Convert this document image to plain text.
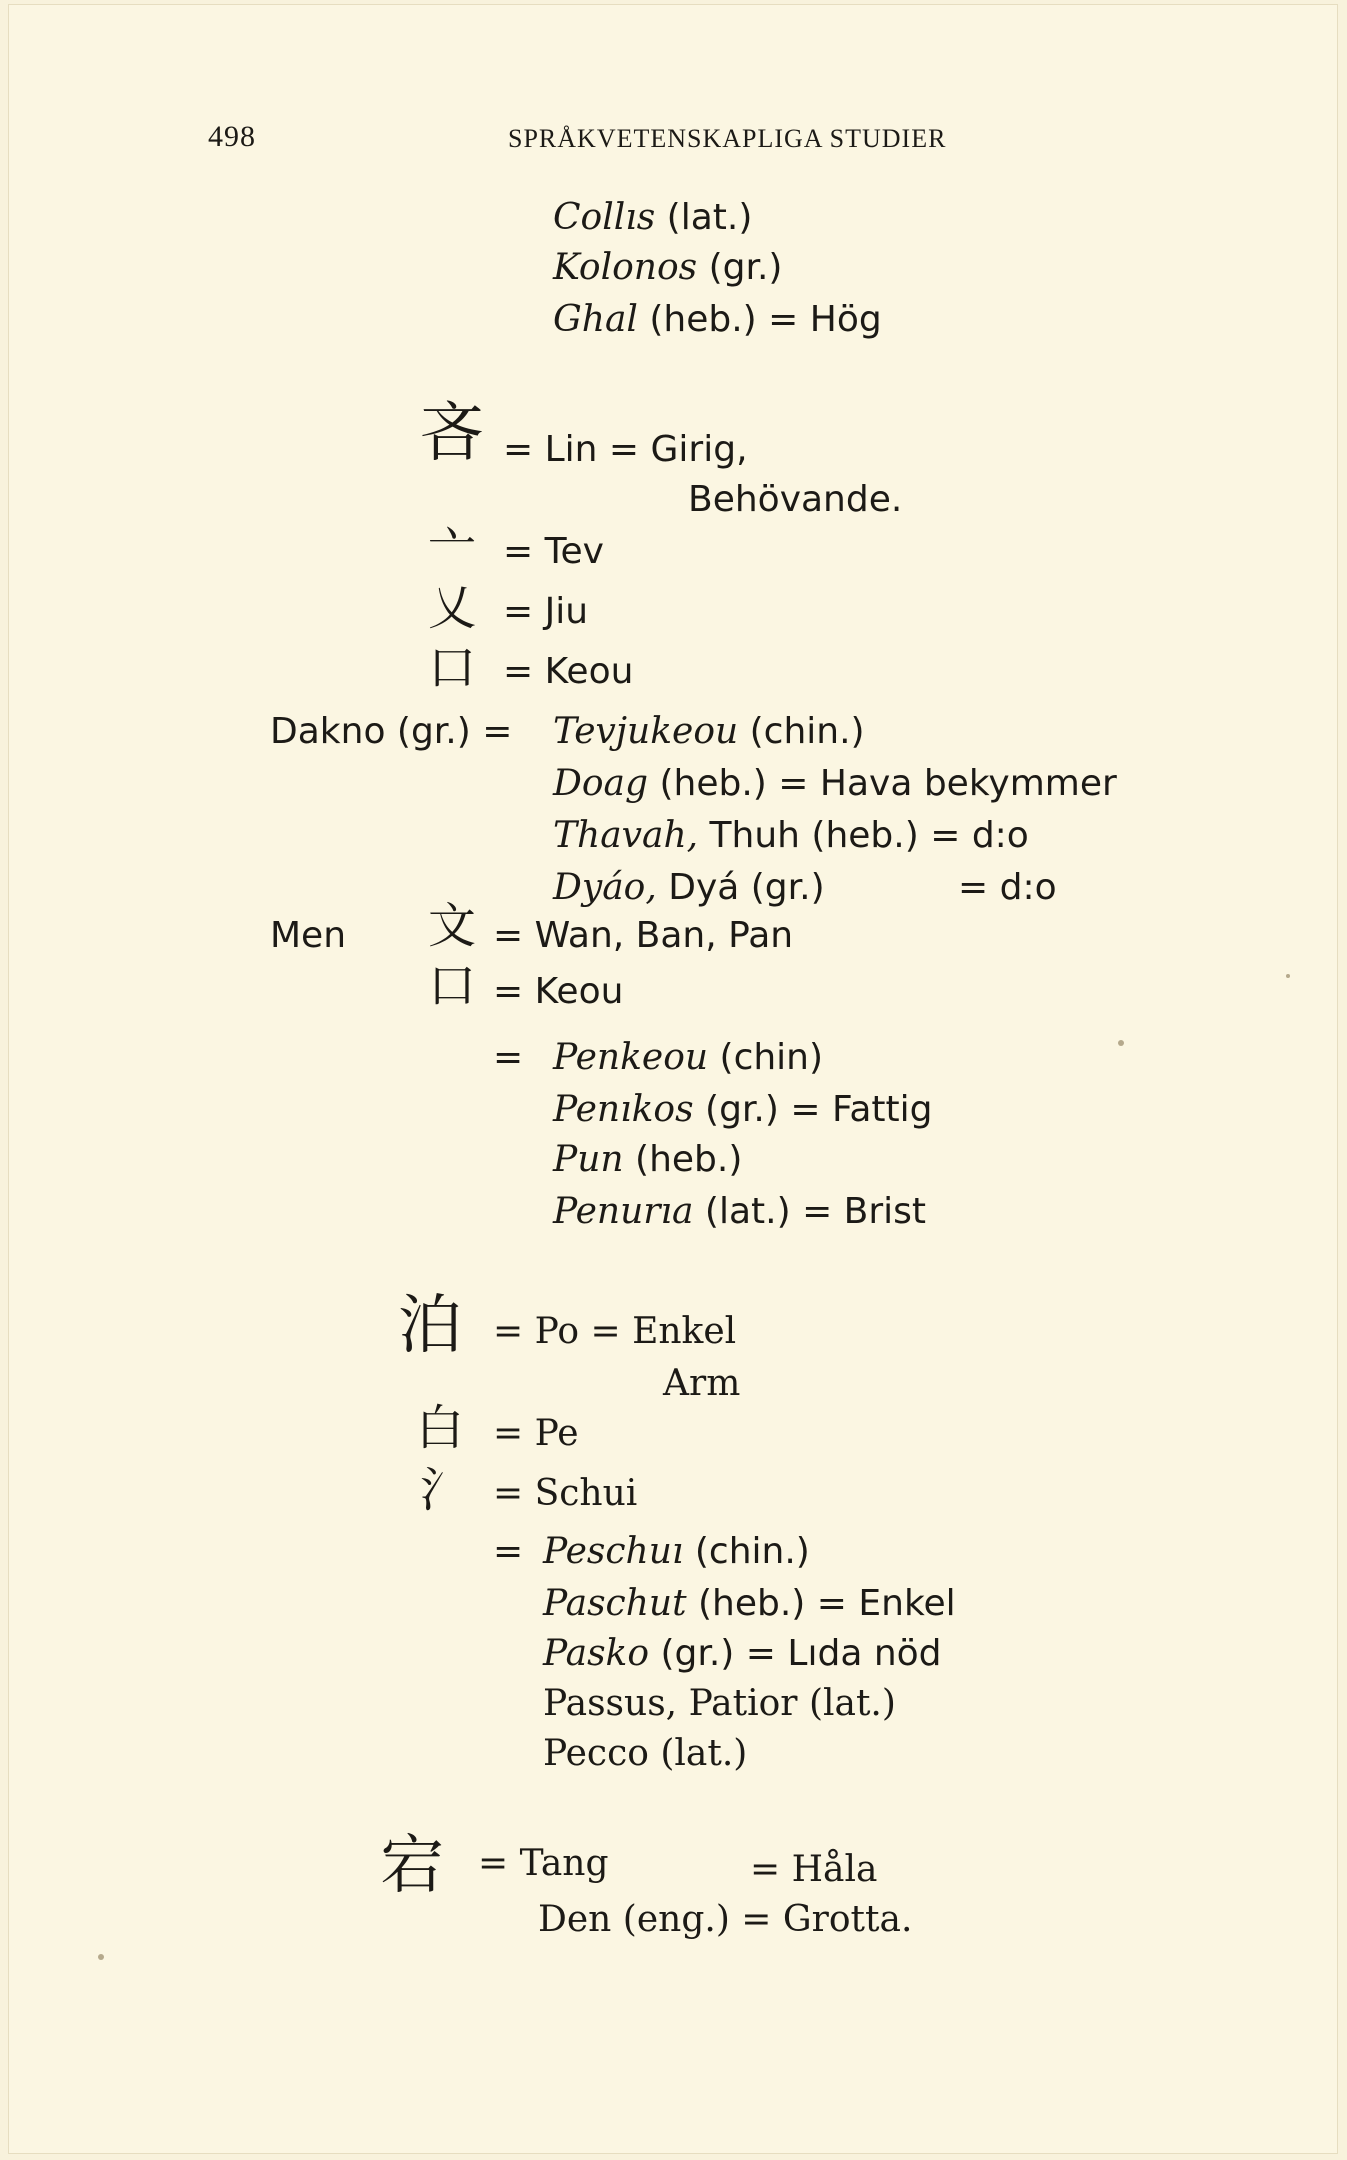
498	SPRÅKVETENSKAPLIGA STUDIER
Collıs (lat.)
Kolonos (gr.)
Ghal (heb.) = Hög
吝 = Lin = Girig,
Behövande.
亠 = Tev
乂 = Jiu
口 = Keou
Dakno (gr.) = Tevjukeou (chin.)
Doag (heb.) = Hava bekymmer
Thavah, Thuh (heb.) = d:o
Dyáo, Dyá (gr.)	= d:o
Men 文 = Wan, Ban, Pan
口 = Keou
= Penkeou (chin)
Penıkos (gr.) = Fattig
Pun (heb.)
Penurıa (lat.) = Brist
泊 = Po = Enkel
Arm
白 = Pe
氵 = Schui
= Peschuı (chin.)
Paschut (heb.) = Enkel
Pasko (gr.) = Lıda nöd
Passus, Patior (lat.)
Pecco (lat.)
宕 = Tang	= Håla
Den (eng.) = Grotta.
